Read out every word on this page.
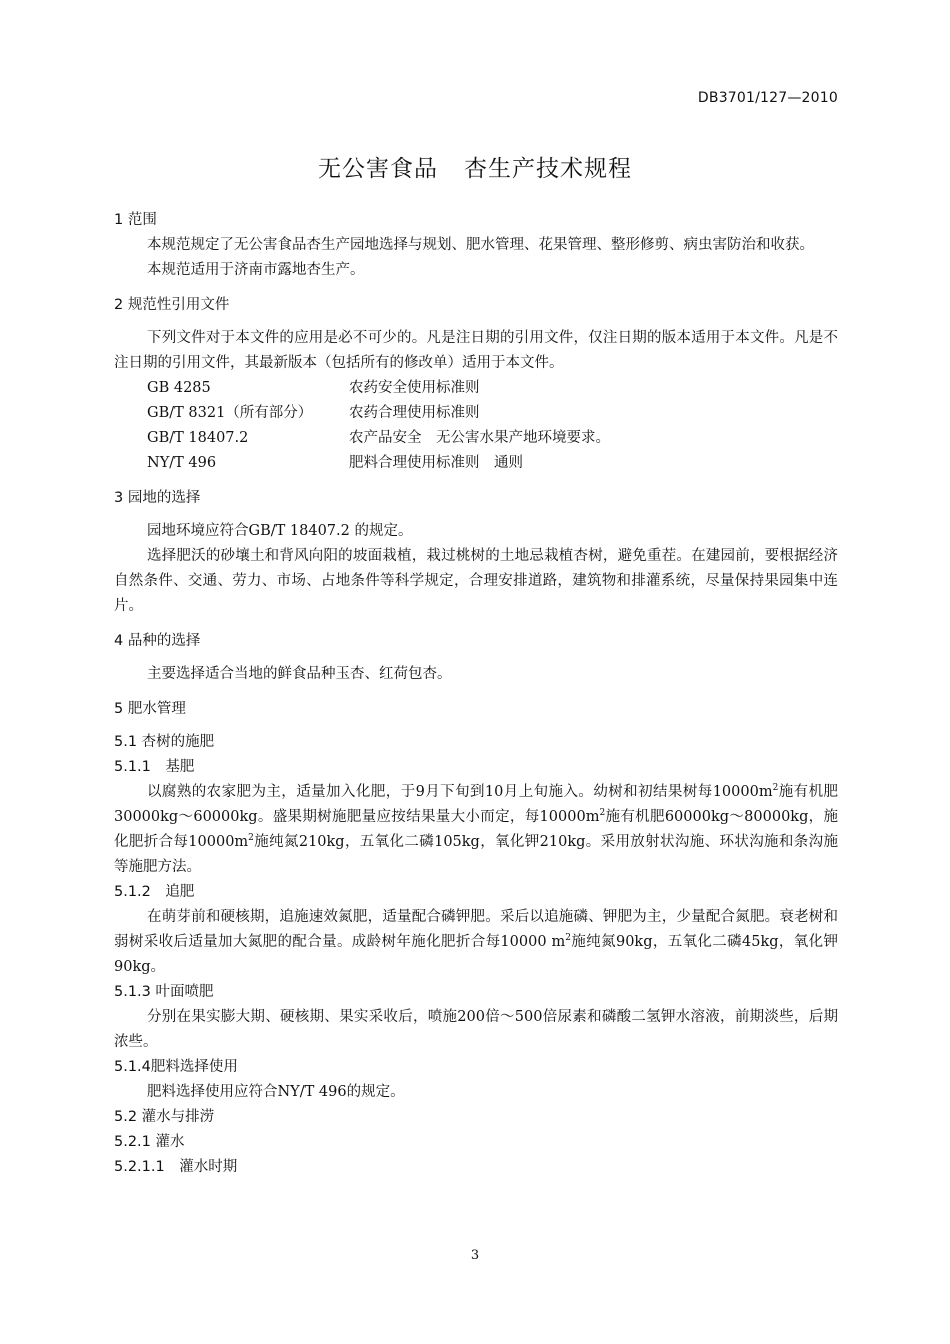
DB3701/127—2010
无公害食品 杏生产技术规程
1 范围

本规范规定了无公害食品杏生产园地选择与规划、肥水管理、花果管理、整形修剪、病虫害防治和收获。

本规范适用于济南市露地杏生产。

2 规范性引用文件

下列文件对于本文件的应用是必不可少的。凡是注日期的引用文件，仅注日期的版本适用于本文件。凡是不注日期的引用文件，其最新版本（包括所有的修改单）适用于本文件。

GB 4285	农药安全使用标准则
GB/T 8321（所有部分）	农药合理使用标准则
GB/T 18407.2	农产品安全　无公害水果产地环境要求。
NY/T 496	肥料合理使用标准则　通则
3 园地的选择

园地环境应符合GB/T 18407.2 的规定。

选择肥沃的砂壤土和背风向阳的坡面栽植，栽过桃树的土地忌栽植杏树，避免重茬。在建园前，要根据经济自然条件、交通、劳力、市场、占地条件等科学规定，合理安排道路，建筑物和排灌系统，尽量保持果园集中连片。

4 品种的选择

主要选择适合当地的鲜食品种玉杏、红荷包杏。

5 肥水管理
5.1 杏树的施肥
5.1.1　基肥

以腐熟的农家肥为主，适量加入化肥，于9月下旬到10月上旬施入。幼树和初结果树每$10000m^2$施有机肥30000kg～60000kg。盛果期树施肥量应按结果量大小而定，每$10000m^2$施有机肥60000kg～80000kg，施化肥折合每$10000m^2$施纯氮210kg，五氧化二磷105kg，氧化钾210kg。采用放射状沟施、环状沟施和条沟施等施肥方法。

5.1.2　追肥

在萌芽前和硬核期，追施速效氮肥，适量配合磷钾肥。采后以追施磷、钾肥为主，少量配合氮肥。衰老树和弱树采收后适量加大氮肥的配合量。成龄树年施化肥折合每10000 $m^2$施纯氮90kg，五氧化二磷45kg，氧化钾90kg。

5.1.3 叶面喷肥

分别在果实膨大期、硬核期、果实采收后，喷施200倍～500倍尿素和磷酸二氢钾水溶液，前期淡些，后期浓些。

5.1.4肥料选择使用

肥料选择使用应符合NY/T 496的规定。

5.2 灌水与排涝
5.2.1 灌水
5.2.1.1　灌水时期
3
